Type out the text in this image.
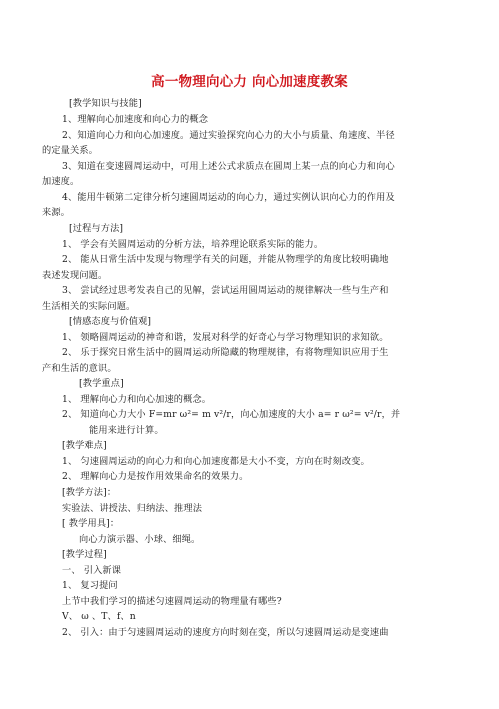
高一物理向心力 向心加速度教案
[教学知识与技能]
1、理解向心加速度和向心力的概念
2、知道向心力和向心加速度。通过实验探究向心力的大小与质量、角速度、半径
的定量关系。
3、知道在变速圆周运动中，可用上述公式求质点在圆周上某一点的向心力和向心
加速度。
4、能用牛顿第二定律分析匀速圆周运动的向心力，通过实例认识向心力的作用及
来源。
[过程与方法]
1、 学会有关圆周运动的分析方法，培养理论联系实际的能力。
2、 能从日常生活中发现与物理学有关的问题，并能从物理学的角度比较明确地
表述发现问题。
3、 尝试经过思考发表自己的见解，尝试运用圆周运动的规律解决一些与生产和
生活相关的实际问题。
[情感态度与价值观]
1、 领略圆周运动的神奇和谐，发展对科学的好奇心与学习物理知识的求知欲。
2、 乐于探究日常生活中的圆周运动所隐藏的物理规律，有将物理知识应用于生
产和生活的意识。
[教学重点]
1、 理解向心力和向心加速的概念。
2、 知道向心力大小 F=mr ω²= m v²/r，向心加速度的大小 a= r ω²= v²/r，并
能用来进行计算。
[教学难点]
1、 匀速圆周运动的向心力和向心加速度都是大小不变，方向在时刻改变。
2、 理解向心力是按作用效果命名的效果力。
[教学方法]：
实验法、讲授法、归纳法、推理法
[ 教学用具]：
向心力演示器、小球、细绳。
[教学过程]
一、 引入新课
1、 复习提问
上节中我们学习的描述匀速圆周运动的物理量有哪些?
V、 ω 、T、f、n
2、 引入：由于匀速圆周运动的速度方向时刻在变，所以匀速圆周运动是变速曲
